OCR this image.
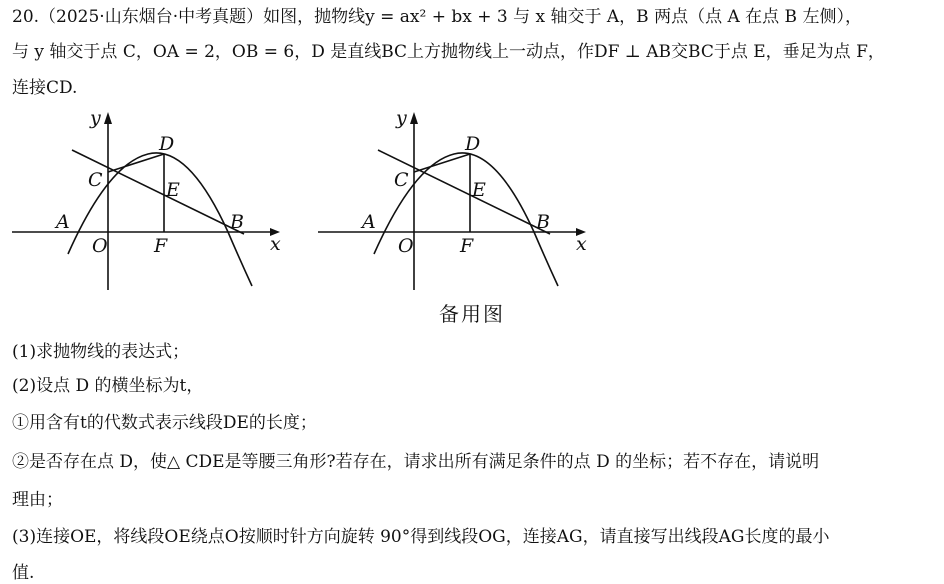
20.（2025·山东烟台·中考真题）如图，抛物线y = ax² + bx + 3 与 x 轴交于 A，B 两点（点 A 在点 B 左侧），
与 y 轴交于点 C，OA = 2，OB = 6，D 是直线BC上方抛物线上一动点，作DF ⊥ AB交BC于点 E，垂足为点 F，
连接CD.
y
x
O
A	B
C
D
E
F
y
x
O
A	B
C
D
E
F
备用图
(1)求抛物线的表达式；
(2)设点 D 的横坐标为t，
①用含有t的代数式表示线段DE的长度；
②是否存在点 D，使△ CDE是等腰三角形?若存在，请求出所有满足条件的点 D 的坐标；若不存在，请说明
理由；
(3)连接OE，将线段OE绕点O按顺时针方向旋转 90°得到线段OG，连接AG，请直接写出线段AG长度的最小
值.
